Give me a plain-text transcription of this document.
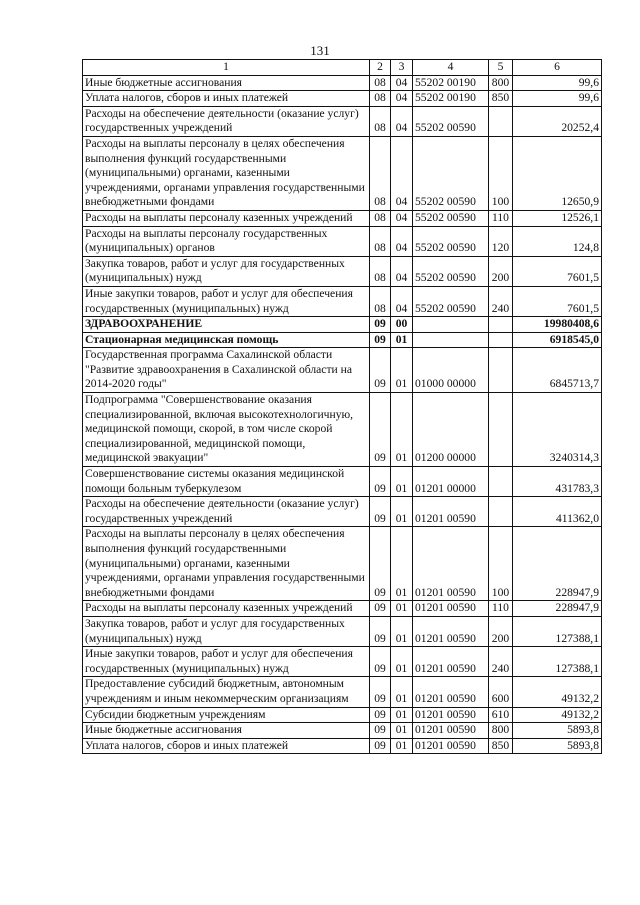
131
1	2	3	4	5	6
Иные бюджетные ассигнования	08	04	55202 00190	800	99,6
Уплата налогов, сборов и иных платежей	08	04	55202 00190	850	99,6
Расходы на обеспечение деятельности (оказание услуг) государственных учреждений	08	04	55202 00590		20252,4
Расходы на выплаты персоналу в целях обеспечения выполнения функций государственными (муниципальными) органами, казенными учреждениями, органами управления государственными внебюджетными фондами	08	04	55202 00590	100	12650,9
Расходы на выплаты персоналу казенных учреждений	08	04	55202 00590	110	12526,1
Расходы на выплаты персоналу государственных (муниципальных) органов	08	04	55202 00590	120	124,8
Закупка товаров, работ и услуг для государственных (муниципальных) нужд	08	04	55202 00590	200	7601,5
Иные закупки товаров, работ и услуг для обеспечения государственных (муниципальных) нужд	08	04	55202 00590	240	7601,5
ЗДРАВООХРАНЕНИЕ	09	00			19980408,6
Стационарная медицинская помощь	09	01			6918545,0
Государственная программа Сахалинской области "Развитие здравоохранения в Сахалинской области на 2014-2020 годы"	09	01	01000 00000		6845713,7
Подпрограмма "Совершенствование оказания специализированной, включая высокотехнологичную, медицинской помощи, скорой, в том числе скорой специализированной, медицинской помощи, медицинской эвакуации"	09	01	01200 00000		3240314,3
Совершенствование системы оказания медицинской помощи больным туберкулезом	09	01	01201 00000		431783,3
Расходы на обеспечение деятельности (оказание услуг) государственных учреждений	09	01	01201 00590		411362,0
Расходы на выплаты персоналу в целях обеспечения выполнения функций государственными (муниципальными) органами, казенными учреждениями, органами управления государственными внебюджетными фондами	09	01	01201 00590	100	228947,9
Расходы на выплаты персоналу казенных учреждений	09	01	01201 00590	110	228947,9
Закупка товаров, работ и услуг для государственных (муниципальных) нужд	09	01	01201 00590	200	127388,1
Иные закупки товаров, работ и услуг для обеспечения государственных (муниципальных) нужд	09	01	01201 00590	240	127388,1
Предоставление субсидий бюджетным, автономным учреждениям и иным некоммерческим организациям	09	01	01201 00590	600	49132,2
Субсидии бюджетным учреждениям	09	01	01201 00590	610	49132,2
Иные бюджетные ассигнования	09	01	01201 00590	800	5893,8
Уплата налогов, сборов и иных платежей	09	01	01201 00590	850	5893,8
